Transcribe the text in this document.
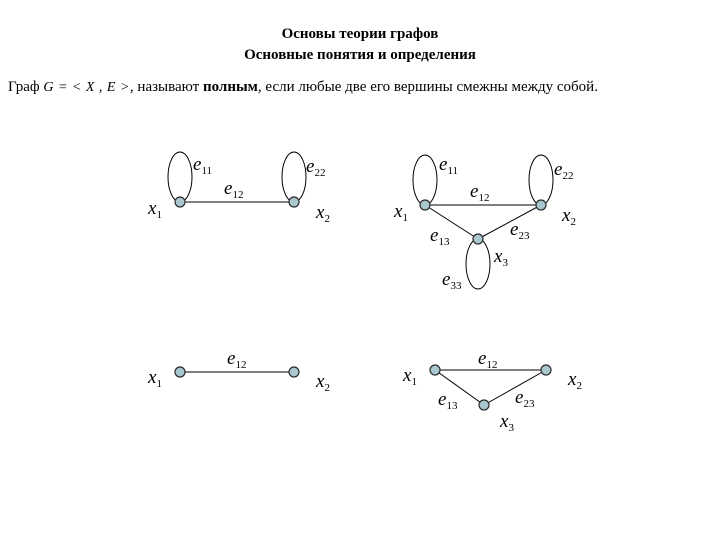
Основы теории графов
Основные понятия и определения
Граф G = < X , E >, называют полным, если любые две его вершины смежны между собой.
$e_{11}$
$e_{12}$
$e_{22}$
$x_1$	$x_2$
$e_{11}$
$e_{12}$
$e_{22}$
$e_{13}$
$e_{23}$
$e_{33}$
$x_1$	$x_2$
$x_3$
$e_{12}$
$x_1$	$x_2$
$e_{12}$
$e_{13}$	$e_{23}$
$x_1$	$x_2$
$x_3$
